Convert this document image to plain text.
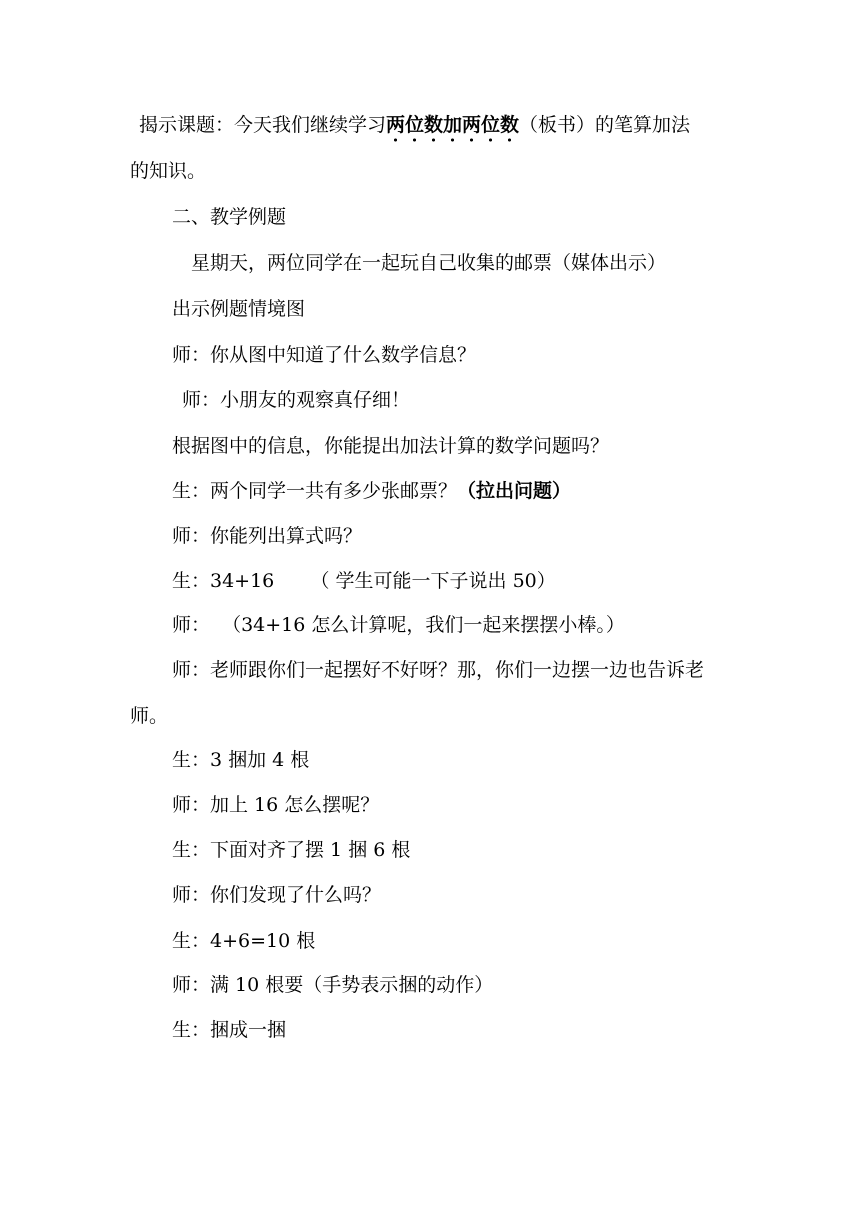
揭示课题：今天我们继续学习两位数加两位数
（板书）的笔算加法
的知识。
二、教学例题
星期天，两位同学在一起玩自己收集的邮票（媒体出示）
出示例题情境图
师：你从图中知道了什么数学信息？
师：小朋友的观察真仔细！
根据图中的信息，你能提出加法计算的数学问题吗？
生：两个同学一共有多少张邮票？（拉出问题）
师：你能列出算式吗？
生：34+16      （ 学生可能一下子说出 50）
师：  （34+16 怎么计算呢，我们一起来摆摆小棒。）
师：老师跟你们一起摆好不好呀？那，你们一边摆一边也告诉老
师。
生：3 捆加 4 根
师：加上 16 怎么摆呢？
生：下面对齐了摆 1 捆 6 根
师：你们发现了什么吗？
生：4+6=10 根
师：满 10 根要（手势表示捆的动作）
生：捆成一捆
